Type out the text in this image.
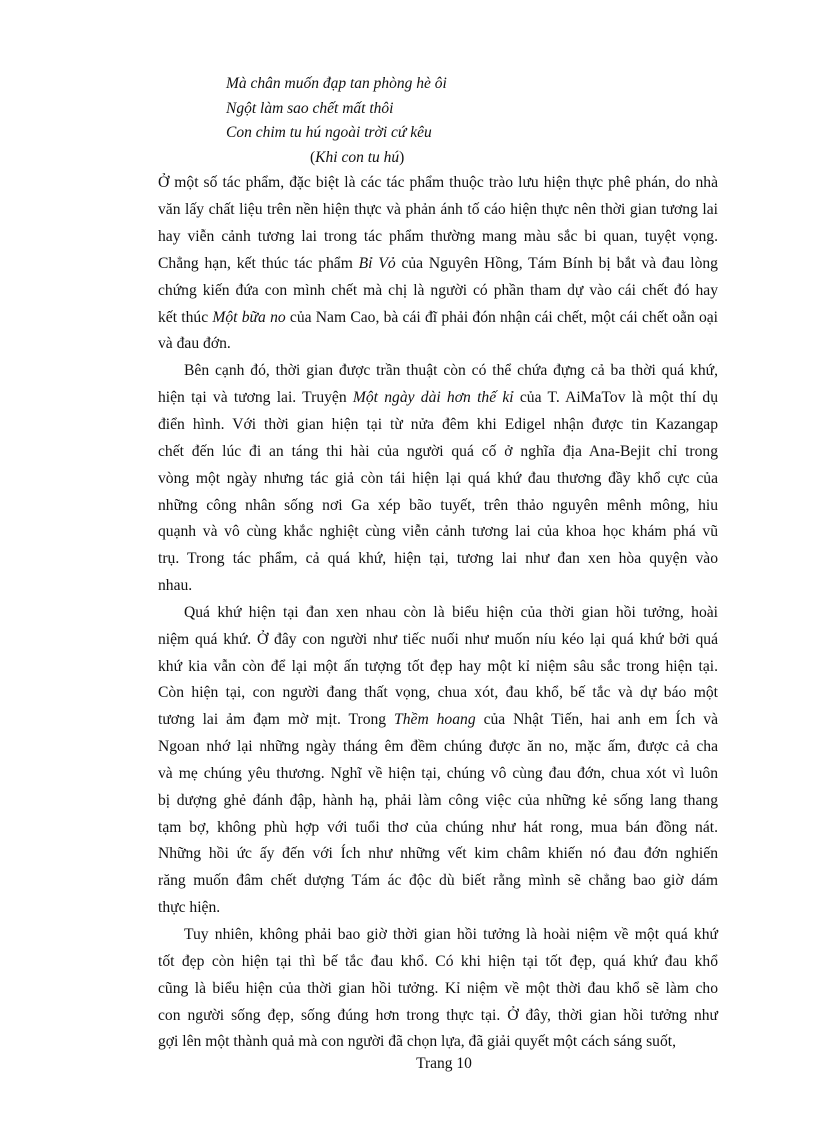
Mà chân muốn đạp tan phòng hè ôi
Ngột làm sao chết mất thôi
Con chim tu hú ngoài trời cứ kêu
(Khi con tu hú)

Ở một số tác phẩm, đặc biệt là các tác phẩm thuộc trào lưu hiện thực phê phán, do nhà
văn lấy chất liệu trên nền hiện thực và phản ánh tố cáo hiện thực nên thời gian tương lai
hay viễn cảnh tương lai trong tác phẩm thường mang màu sắc bi quan, tuyệt vọng.
Chẳng hạn, kết thúc tác phẩm Bỉ Vỏ của Nguyên Hồng, Tám Bính bị bắt và đau lòng
chứng kiến đứa con mình chết mà chị là người có phần tham dự vào cái chết đó hay
kết thúc Một bữa no của Nam Cao, bà cái đĩ phải đón nhận cái chết, một cái chết oằn oại
và đau đớn.

Bên cạnh đó, thời gian được trần thuật còn có thể chứa đựng cả ba thời quá khứ,
hiện tại và tương lai. Truyện Một ngày dài hơn thế kỉ của T. AiMaTov là một thí dụ
điển hình. Với thời gian hiện tại từ nửa đêm khi Edigel nhận được tin Kazangap
chết đến lúc đi an táng thi hài của người quá cố ở nghĩa địa Ana-Bejit chỉ trong
vòng một ngày nhưng tác giả còn tái hiện lại quá khứ đau thương đầy khổ cực của
những công nhân sống nơi Ga xép bão tuyết, trên thảo nguyên mênh mông, hiu
quạnh và vô cùng khắc nghiệt cùng viễn cảnh tương lai của khoa học khám phá vũ
trụ. Trong tác phẩm, cả quá khứ, hiện tại, tương lai như đan xen hòa quyện vào
nhau.

Quá khứ hiện tại đan xen nhau còn là biểu hiện của thời gian hồi tưởng, hoài
niệm quá khứ. Ở đây con người như tiếc nuối như muốn níu kéo lại quá khứ bởi quá
khứ kia vẫn còn để lại một ấn tượng tốt đẹp hay một kỉ niệm sâu sắc trong hiện tại.
Còn hiện tại, con người đang thất vọng, chua xót, đau khổ, bế tắc và dự báo một
tương lai ảm đạm mờ mịt. Trong Thềm hoang của Nhật Tiến, hai anh em Ích và
Ngoan nhớ lại những ngày tháng êm đềm chúng được ăn no, mặc ấm, được cả cha
và mẹ chúng yêu thương. Nghĩ về hiện tại, chúng vô cùng đau đớn, chua xót vì luôn
bị dượng ghẻ đánh đập, hành hạ, phải làm công việc của những kẻ sống lang thang
tạm bợ, không phù hợp với tuổi thơ của chúng như hát rong, mua bán đồng nát.
Những hồi ức ấy đến với Ích như những vết kim châm khiến nó đau đớn nghiến
răng muốn đâm chết dượng Tám ác độc dù biết rằng mình sẽ chẳng bao giờ dám
thực hiện.

Tuy nhiên, không phải bao giờ thời gian hồi tưởng là hoài niệm về một quá khứ
tốt đẹp còn hiện tại thì bế tắc đau khổ. Có khi hiện tại tốt đẹp, quá khứ đau khổ
cũng là biểu hiện của thời gian hồi tưởng. Kỉ niệm về một thời đau khổ sẽ làm cho
con người sống đẹp, sống đúng hơn trong thực tại. Ở đây, thời gian hồi tưởng như
gợi lên một thành quả mà con người đã chọn lựa, đã giải quyết một cách sáng suốt,

Trang 10
